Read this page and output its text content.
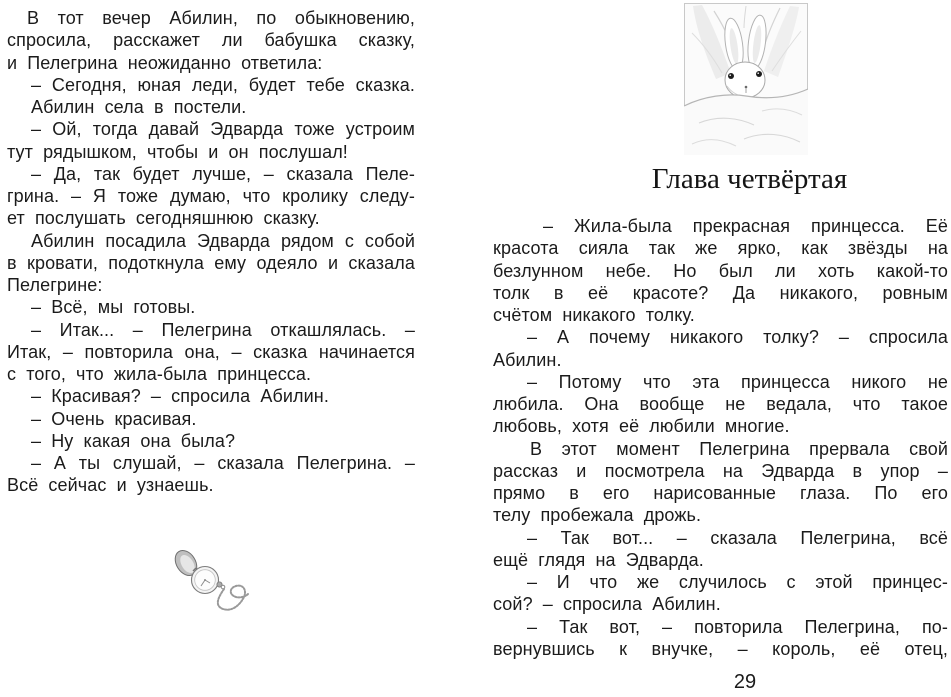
В тот вечер Абилин, по обыкновению,
спросила, расскажет ли бабушка сказку,
и Пелегрина неожиданно ответила:
– Сегодня, юная леди, будет тебе сказка.
Абилин села в постели.
– Ой, тогда давай Эдварда тоже устроим
тут рядышком, чтобы и он послушал!
– Да, так будет лучше, – сказала Пеле-
грина. – Я тоже думаю, что кролику следу-
ет послушать сегодняшнюю сказку.
Абилин посадила Эдварда рядом с собой
в кровати, подоткнула ему одеяло и сказала
Пелегрине:
– Всё, мы готовы.
– Итак... – Пелегрина откашлялась. –
Итак, – повторила она, – сказка начинается
с того, что жила-была принцесса.
– Красивая? – спросила Абилин.
– Очень красивая.
– Ну какая она была?
– А ты слушай, – сказала Пелегрина. –
Всё сейчас и узнаешь.
Глава четвёртая
– Жила-была прекрасная принцесса. Её
красота сияла так же ярко, как звёзды на
безлунном небе. Но был ли хоть какой-то
толк в её красоте? Да никакого, ровным
счётом никакого толку.
– А почему никакого толку? – спросила
Абилин.
– Потому что эта принцесса никого не
любила. Она вообще не ведала, что такое
любовь, хотя её любили многие.
В этот момент Пелегрина прервала свой
рассказ и посмотрела на Эдварда в упор –
прямо в его нарисованные глаза. По его
телу пробежала дрожь.
– Так вот... – сказала Пелегрина, всё
ещё глядя на Эдварда.
– И что же случилось с этой принцес-
сой? – спросила Абилин.
– Так вот, – повторила Пелегрина, по-
вернувшись к внучке, – король, её отец,
29
